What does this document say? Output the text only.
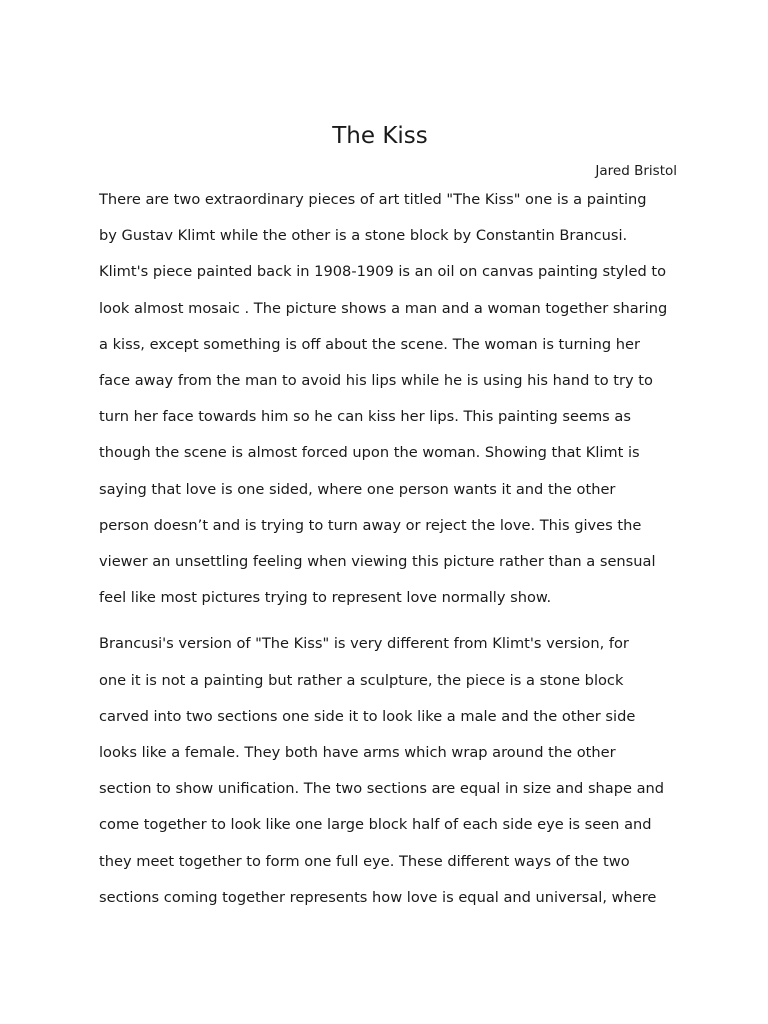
The Kiss

Jared Bristol

There are two extraordinary pieces of art titled "The Kiss" one is a painting
by Gustav Klimt while the other is a stone block by Constantin Brancusi.
Klimt's piece painted back in 1908-1909 is an oil on canvas painting styled to
look almost mosaic . The picture shows a man and a woman together sharing
a kiss, except something is off about the scene. The woman is turning her
face away from the man to avoid his lips while he is using his hand to try to
turn her face towards him so he can kiss her lips. This painting seems as
though the scene is almost forced upon the woman. Showing that Klimt is
saying that love is one sided, where one person wants it and the other
person doesn’t and is trying to turn away or reject the love. This gives the
viewer an unsettling feeling when viewing this picture rather than a sensual
feel like most pictures trying to represent love normally show.

Brancusi's version of "The Kiss" is very different from Klimt's version, for
one it is not a painting but rather a sculpture, the piece is a stone block
carved into two sections one side it to look like a male and the other side
looks like a female. They both have arms which wrap around the other
section to show unification. The two sections are equal in size and shape and
come together to look like one large block half of each side eye is seen and
they meet together to form one full eye. These different ways of the two
sections coming together represents how love is equal and universal, where
